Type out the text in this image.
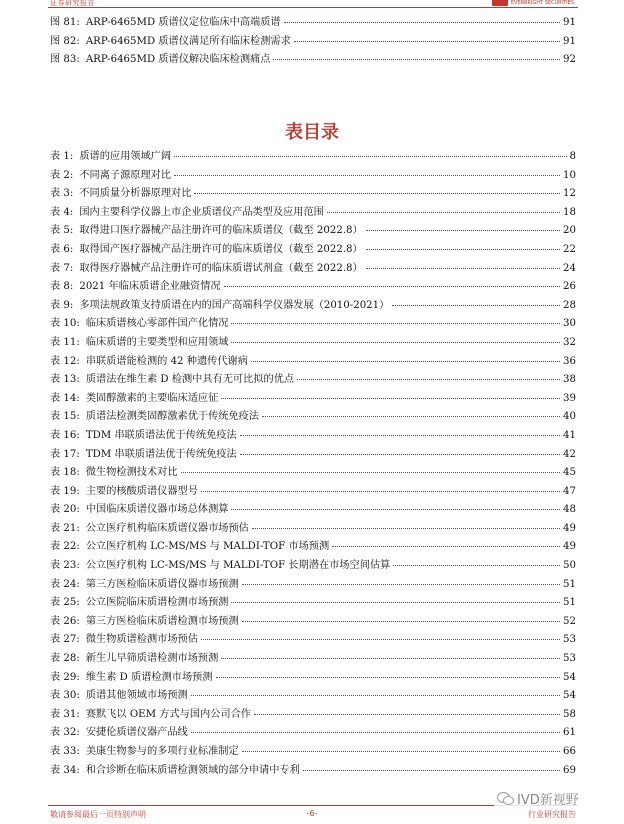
证券研究报告	EVERBRIGHT SECURITIES
图 81: ARP-6465MD 质谱仪定位临床中高端质谱	91
图 82: ARP-6465MD 质谱仪满足所有临床检测需求	91
图 83: ARP-6465MD 质谱仪解决临床检测痛点	92
表目录
表 1: 质谱的应用领域广阔	8
表 2: 不同离子源原理对比	10
表 3: 不同质量分析器原理对比	12
表 4: 国内主要科学仪器上市企业质谱仪产品类型及应用范围	18
表 5: 取得进口医疗器械产品注册许可的临床质谱仪（截至 2022.8）	20
表 6: 取得国产医疗器械产品注册许可的临床质谱仪（截至 2022.8）	22
表 7: 取得医疗器械产品注册许可的临床质谱试剂盒（截至 2022.8）	24
表 8: 2021 年临床质谱企业融资情况	26
表 9: 多项法规政策支持质谱在内的国产高端科学仪器发展（2010-2021）	28
表 10: 临床质谱核心零部件国产化情况	30
表 11: 临床质谱的主要类型和应用领域	32
表 12: 串联质谱能检测的 42 种遗传代谢病	36
表 13: 质谱法在维生素 D 检测中具有无可比拟的优点	38
表 14: 类固醇激素的主要临床适应征	39
表 15: 质谱法检测类固醇激素优于传统免疫法	40
表 16: TDM 串联质谱法优于传统免疫法	41
表 17: TDM 串联质谱法优于传统免疫法	42
表 18: 微生物检测技术对比	45
表 19: 主要的核酸质谱仪器型号	47
表 20: 中国临床质谱仪器市场总体测算	48
表 21: 公立医疗机构临床质谱仪器市场预估	49
表 22: 公立医疗机构 LC-MS/MS 与 MALDI-TOF 市场预测	49
表 23: 公立医疗机构 LC-MS/MS 与 MALDI-TOF 长期潜在市场空间估算	50
表 24: 第三方医检临床质谱仪器市场预测	51
表 25: 公立医院临床质谱检测市场预测	51
表 26: 第三方医检临床质谱检测市场预测	52
表 27: 微生物质谱检测市场预估	53
表 28: 新生儿早筛质谱检测市场预测	53
表 29: 维生素 D 质谱检测市场预测	54
表 30: 质谱其他领域市场预测	54
表 31: 赛默飞以 OEM 方式与国内公司合作	58
表 32: 安捷伦质谱仪器产品线	61
表 33: 美康生物参与的多项行业标准制定	66
表 34: 和合诊断在临床质谱检测领域的部分申请中专利	69
敬请参阅最后一页特别声明	-6-	行业研究报告
IVD新视野
